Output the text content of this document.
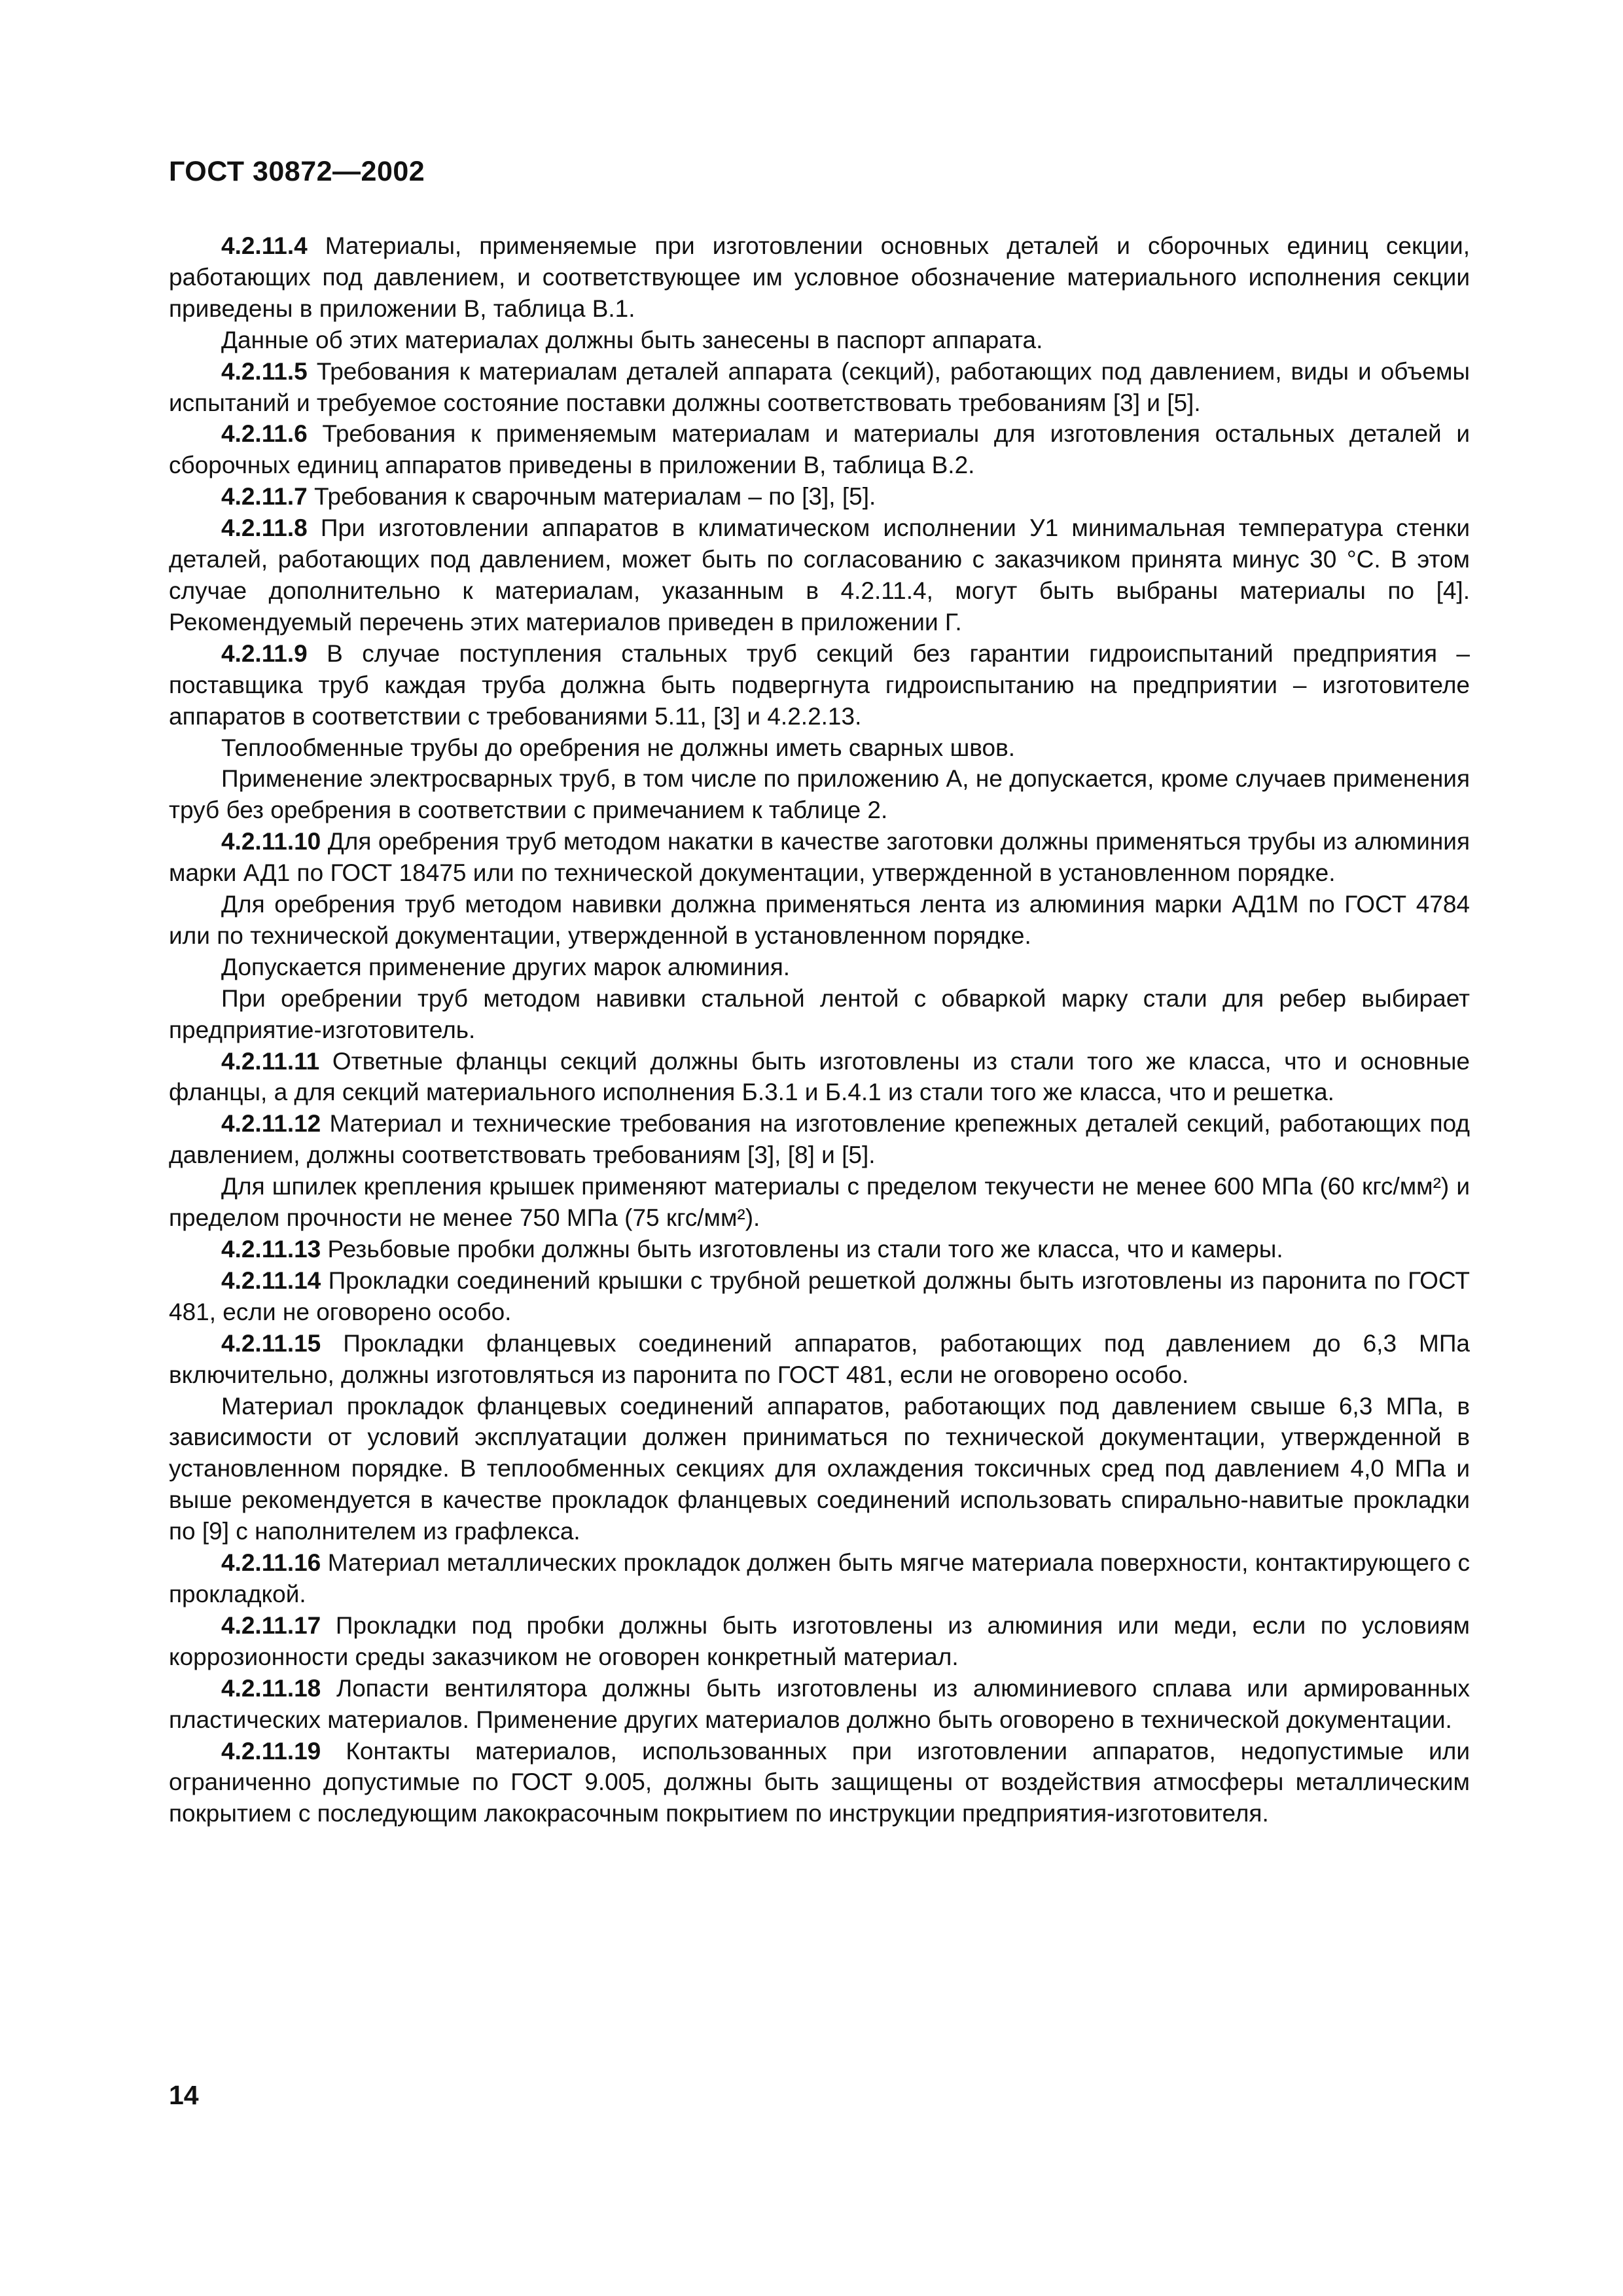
ГОСТ 30872—2002

4.2.11.4 Материалы, применяемые при изготовлении основных деталей и сборочных единиц секции, работающих под давлением, и соответствующее им условное обозначение материального исполнения секции приведены в приложении В, таблица В.1.

Данные об этих материалах должны быть занесены в паспорт аппарата.

4.2.11.5 Требования к материалам деталей аппарата (секций), работающих под давлением, виды и объемы испытаний и требуемое состояние поставки должны соответствовать требованиям [3] и [5].

4.2.11.6 Требования к применяемым материалам и материалы для изготовления остальных деталей и сборочных единиц аппаратов приведены в приложении В, таблица В.2.

4.2.11.7 Требования к сварочным материалам – по [3], [5].

4.2.11.8 При изготовлении аппаратов в климатическом исполнении У1 минимальная температура стенки деталей, работающих под давлением, может быть по согласованию с заказчиком принята минус 30 °С. В этом случае дополнительно к материалам, указанным в 4.2.11.4, могут быть выбраны материалы по [4]. Рекомендуемый перечень этих материалов приведен в приложении Г.

4.2.11.9 В случае поступления стальных труб секций без гарантии гидроиспытаний предприятия – поставщика труб каждая труба должна быть подвергнута гидроиспытанию на предприятии – изготовителе аппаратов в соответствии с требованиями 5.11, [3] и 4.2.2.13.

Теплообменные трубы до оребрения не должны иметь сварных швов.

Применение электросварных труб, в том числе по приложению А, не допускается, кроме случаев применения труб без оребрения в соответствии с примечанием к таблице 2.

4.2.11.10 Для оребрения труб методом накатки в качестве заготовки должны применяться трубы из алюминия марки АД1 по ГОСТ 18475 или по технической документации, утвержденной в установленном порядке.

Для оребрения труб методом навивки должна применяться лента из алюминия марки АД1М по ГОСТ 4784 или по технической документации, утвержденной в установленном порядке.

Допускается применение других марок алюминия.

При оребрении труб методом навивки стальной лентой с обваркой марку стали для ребер выбирает предприятие-изготовитель.

4.2.11.11 Ответные фланцы секций должны быть изготовлены из стали того же класса, что и основные фланцы, а для секций материального исполнения Б.3.1 и Б.4.1 из стали того же класса, что и решетка.

4.2.11.12 Материал и технические требования на изготовление крепежных деталей секций, работающих под давлением, должны соответствовать требованиям [3], [8] и [5].

Для шпилек крепления крышек применяют материалы с пределом текучести не менее 600 МПа (60 кгс/мм²) и пределом прочности не менее 750 МПа (75 кгс/мм²).

4.2.11.13 Резьбовые пробки должны быть изготовлены из стали того же класса, что и камеры.

4.2.11.14 Прокладки соединений крышки с трубной решеткой должны быть изготовлены из паронита по ГОСТ 481, если не оговорено особо.

4.2.11.15 Прокладки фланцевых соединений аппаратов, работающих под давлением до 6,3 МПа включительно, должны изготовляться из паронита по ГОСТ 481, если не оговорено особо.

Материал прокладок фланцевых соединений аппаратов, работающих под давлением свыше 6,3 МПа, в зависимости от условий эксплуатации должен приниматься по технической документации, утвержденной в установленном порядке. В теплообменных секциях для охлаждения токсичных сред под давлением 4,0 МПа и выше рекомендуется в качестве прокладок фланцевых соединений использовать спирально-навитые прокладки по [9] с наполнителем из графлекса.

4.2.11.16 Материал металлических прокладок должен быть мягче материала поверхности, контактирующего с прокладкой.

4.2.11.17 Прокладки под пробки должны быть изготовлены из алюминия или меди, если по условиям коррозионности среды заказчиком не оговорен конкретный материал.

4.2.11.18 Лопасти вентилятора должны быть изготовлены из алюминиевого сплава или армированных пластических материалов. Применение других материалов должно быть оговорено в технической документации.

4.2.11.19 Контакты материалов, использованных при изготовлении аппаратов, недопустимые или ограниченно допустимые по ГОСТ 9.005, должны быть защищены от воздействия атмосферы металлическим покрытием с последующим лакокрасочным покрытием по инструкции предприятия-изготовителя.

14
